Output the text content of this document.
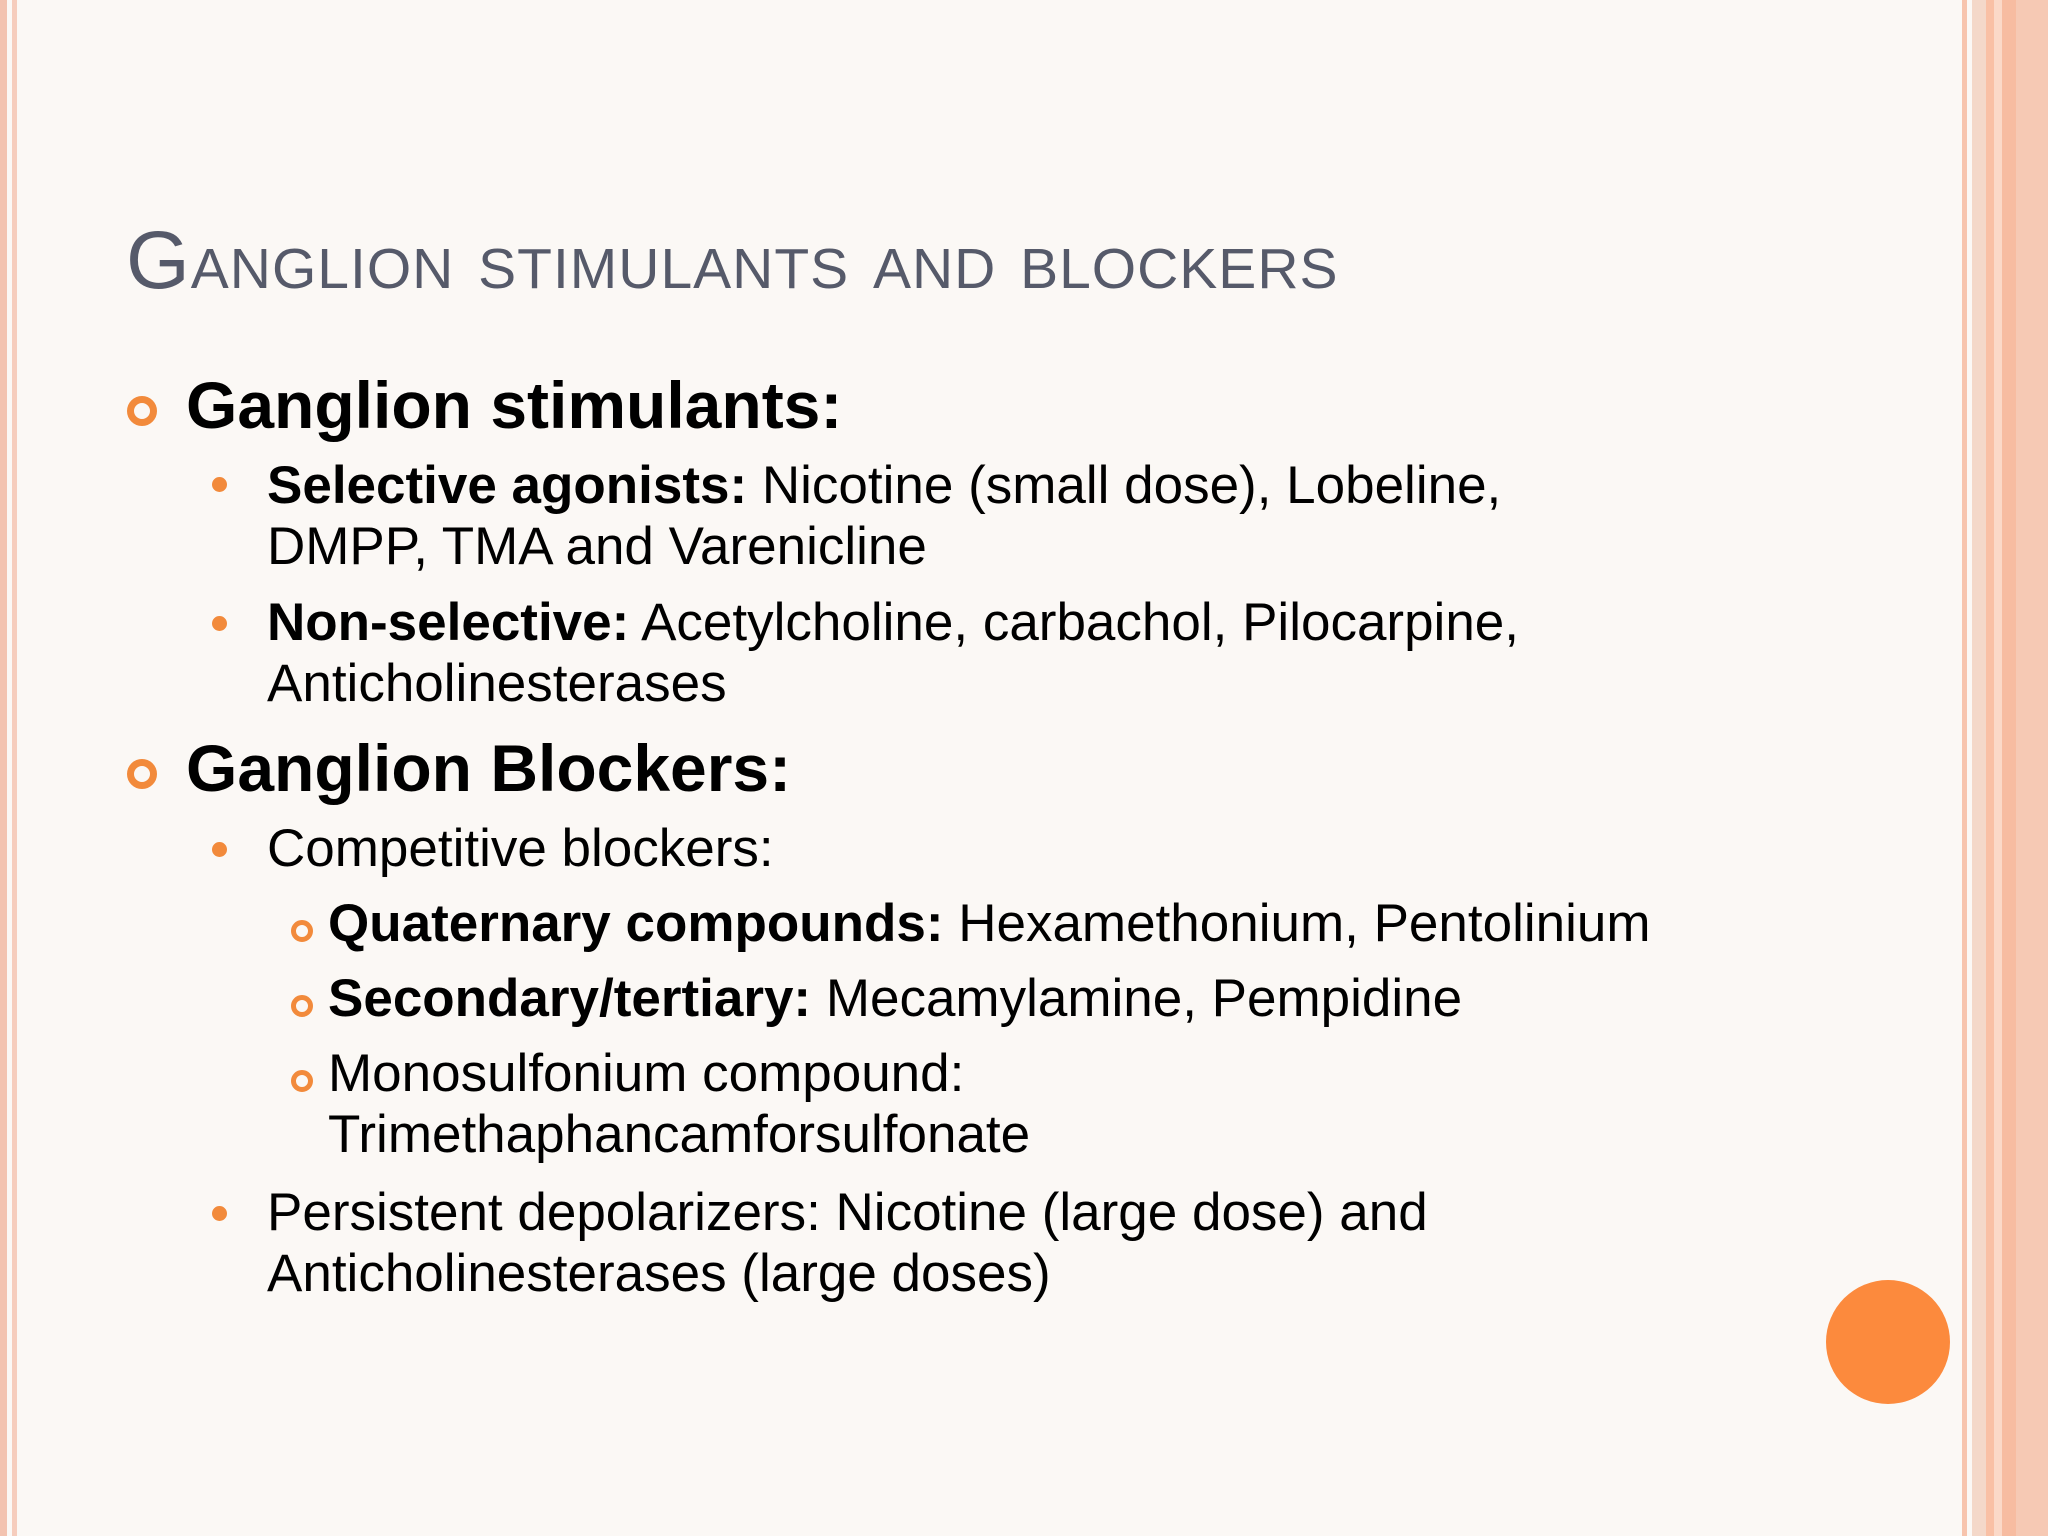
Ganglion stimulants and blockers
Ganglion stimulants:
Selective agonists: Nicotine (small dose), Lobeline,
DMPP, TMA and Varenicline
Non-selective: Acetylcholine, carbachol, Pilocarpine,
Anticholinesterases
Ganglion Blockers:
Competitive blockers:
Quaternary compounds: Hexamethonium, Pentolinium
Secondary/tertiary: Mecamylamine, Pempidine
Monosulfonium compound:
Trimethaphancamforsulfonate
Persistent depolarizers: Nicotine (large dose) and
Anticholinesterases (large doses)
